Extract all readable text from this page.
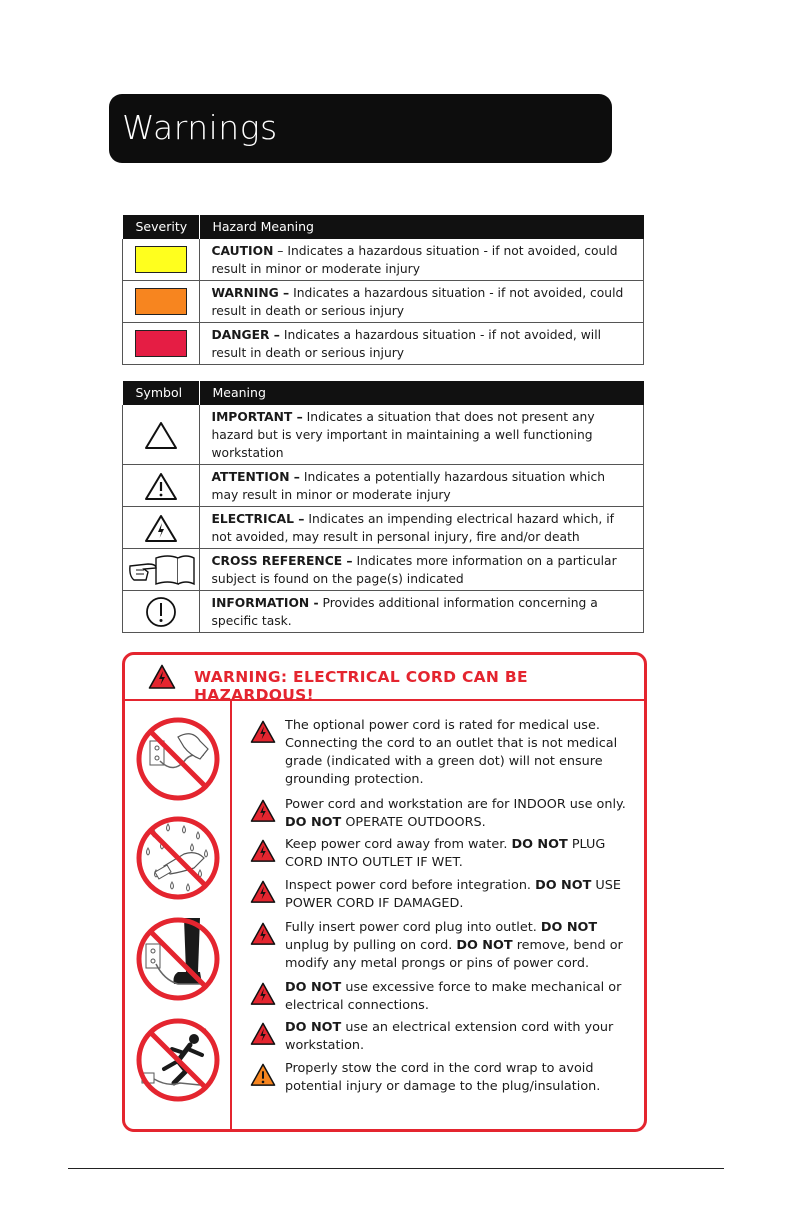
Warnings
Severity	Hazard Meaning
	CAUTION – Indicates a hazardous situation - if not avoided, could result in minor or moderate injury
	WARNING – Indicates a hazardous situation - if not avoided, could result in death or serious injury
	DANGER – Indicates a hazardous situation - if not avoided, will result in death or serious injury
Symbol	Meaning

	IMPORTANT – Indicates a situation that does not present any hazard but is very important in maintaining a well functioning workstation

	ATTENTION – Indicates a potentially hazardous situation which may result in minor or moderate injury

	ELECTRICAL – Indicates an impending electrical hazard which, if not avoided, may result in personal injury, fire and/or death

	CROSS REFERENCE – Indicates more information on a particular subject is found on the page(s) indicated

	INFORMATION - Provides additional information concerning a specific task.
WARNING: ELECTRICAL CORD CAN BE HAZARDOUS!
The optional power cord is rated for medical use. Connecting the cord to an outlet that is not medical grade (indicated with a green dot) will not ensure grounding protection.
Power cord and workstation are for INDOOR use only. DO NOT OPERATE OUTDOORS.
Keep power cord away from water. DO NOT PLUG CORD INTO OUTLET IF WET.
Inspect power cord before integration. DO NOT USE POWER CORD IF DAMAGED.
Fully insert power cord plug into outlet. DO NOT unplug by pulling on cord. DO NOT remove, bend or modify any metal prongs or pins of power cord.
DO NOT use excessive force to make mechanical or electrical connections.
DO NOT use an electrical extension cord with your workstation.
Properly stow the cord in the cord wrap to avoid potential injury or damage to the plug/insulation.
